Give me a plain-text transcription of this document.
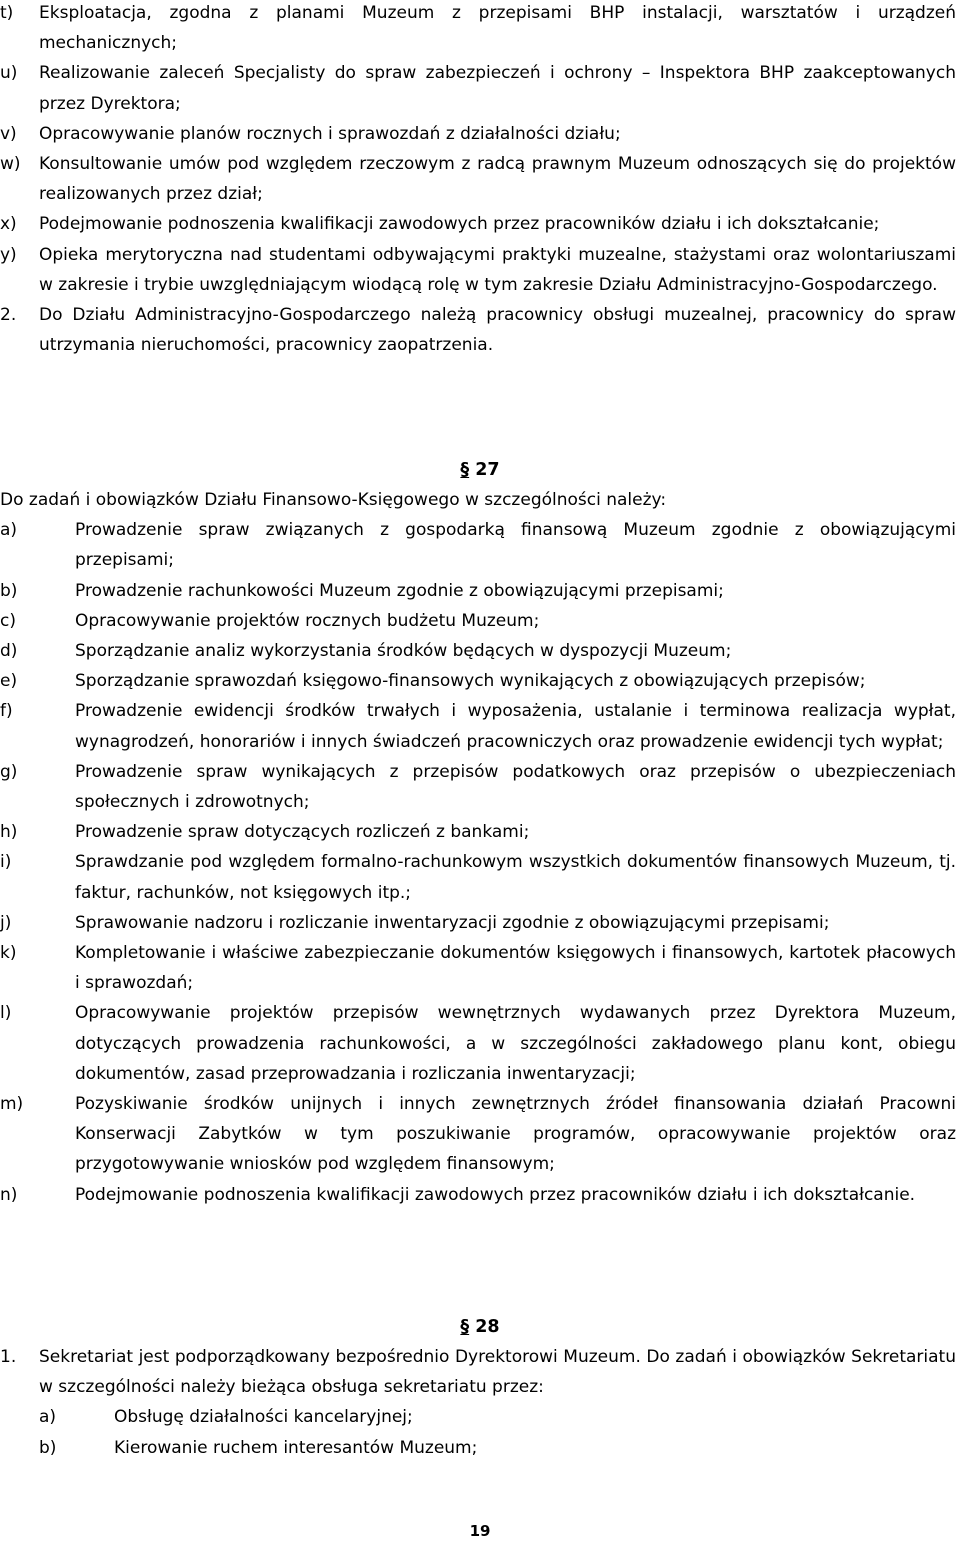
t)	Eksploatacja, zgodna z planami Muzeum z przepisami BHP instalacji, warsztatów i urządzeń mechanicznych;
u)	Realizowanie zaleceń Specjalisty do spraw zabezpieczeń i ochrony – Inspektora BHP zaakceptowanych przez Dyrektora;
v)	Opracowywanie planów rocznych i sprawozdań z działalności działu;
w)	Konsultowanie umów pod względem rzeczowym z radcą prawnym Muzeum odnoszących się do projektów realizowanych przez dział;
x)	Podejmowanie podnoszenia kwalifikacji zawodowych przez pracowników działu i ich dokształcanie;
y)	Opieka merytoryczna nad studentami odbywającymi praktyki muzealne, stażystami oraz wolontariuszami w zakresie i trybie uwzględniającym wiodącą rolę w tym zakresie Działu Administracyjno-Gospodarczego.
2.	Do Działu Administracyjno-Gospodarczego należą pracownicy obsługi muzealnej, pracownicy do spraw utrzymania nieruchomości, pracownicy zaopatrzenia.
§ 27
Do zadań i obowiązków Działu Finansowo-Księgowego w szczególności należy:
a)	Prowadzenie spraw związanych z gospodarką finansową Muzeum zgodnie z obowiązującymi przepisami;
b)	Prowadzenie rachunkowości Muzeum zgodnie z obowiązującymi przepisami;
c)	Opracowywanie projektów rocznych budżetu Muzeum;
d)	Sporządzanie analiz wykorzystania środków będących w dyspozycji Muzeum;
e)	Sporządzanie sprawozdań księgowo-finansowych wynikających z obowiązujących przepisów;
f)	Prowadzenie ewidencji środków trwałych i wyposażenia, ustalanie i terminowa realizacja wypłat, wynagrodzeń, honorariów i innych świadczeń pracowniczych oraz prowadzenie ewidencji tych wypłat;
g)	Prowadzenie spraw wynikających z przepisów podatkowych oraz przepisów o ubezpieczeniach społecznych i zdrowotnych;
h)	Prowadzenie spraw dotyczących rozliczeń z bankami;
i)	Sprawdzanie pod względem formalno-rachunkowym wszystkich dokumentów finansowych Muzeum, tj. faktur, rachunków, not księgowych itp.;
j)	Sprawowanie nadzoru i rozliczanie inwentaryzacji zgodnie z obowiązującymi przepisami;
k)	Kompletowanie i właściwe zabezpieczanie dokumentów księgowych i finansowych, kartotek płacowych i sprawozdań;
l)	Opracowywanie projektów przepisów wewnętrznych wydawanych przez Dyrektora Muzeum, dotyczących prowadzenia rachunkowości, a w szczególności zakładowego planu kont, obiegu dokumentów, zasad przeprowadzania i rozliczania inwentaryzacji;
m)	Pozyskiwanie środków unijnych i innych zewnętrznych źródeł finansowania działań Pracowni Konserwacji Zabytków w tym poszukiwanie programów, opracowywanie projektów oraz przygotowywanie wniosków pod względem finansowym;
n)	Podejmowanie podnoszenia kwalifikacji zawodowych przez pracowników działu i ich dokształcanie.
§ 28
1.	Sekretariat jest podporządkowany bezpośrednio Dyrektorowi Muzeum. Do zadań i obowiązków Sekretariatu w szczególności należy bieżąca obsługa sekretariatu przez:
a)	Obsługę działalności kancelaryjnej;
b)	Kierowanie ruchem interesantów Muzeum;
19
